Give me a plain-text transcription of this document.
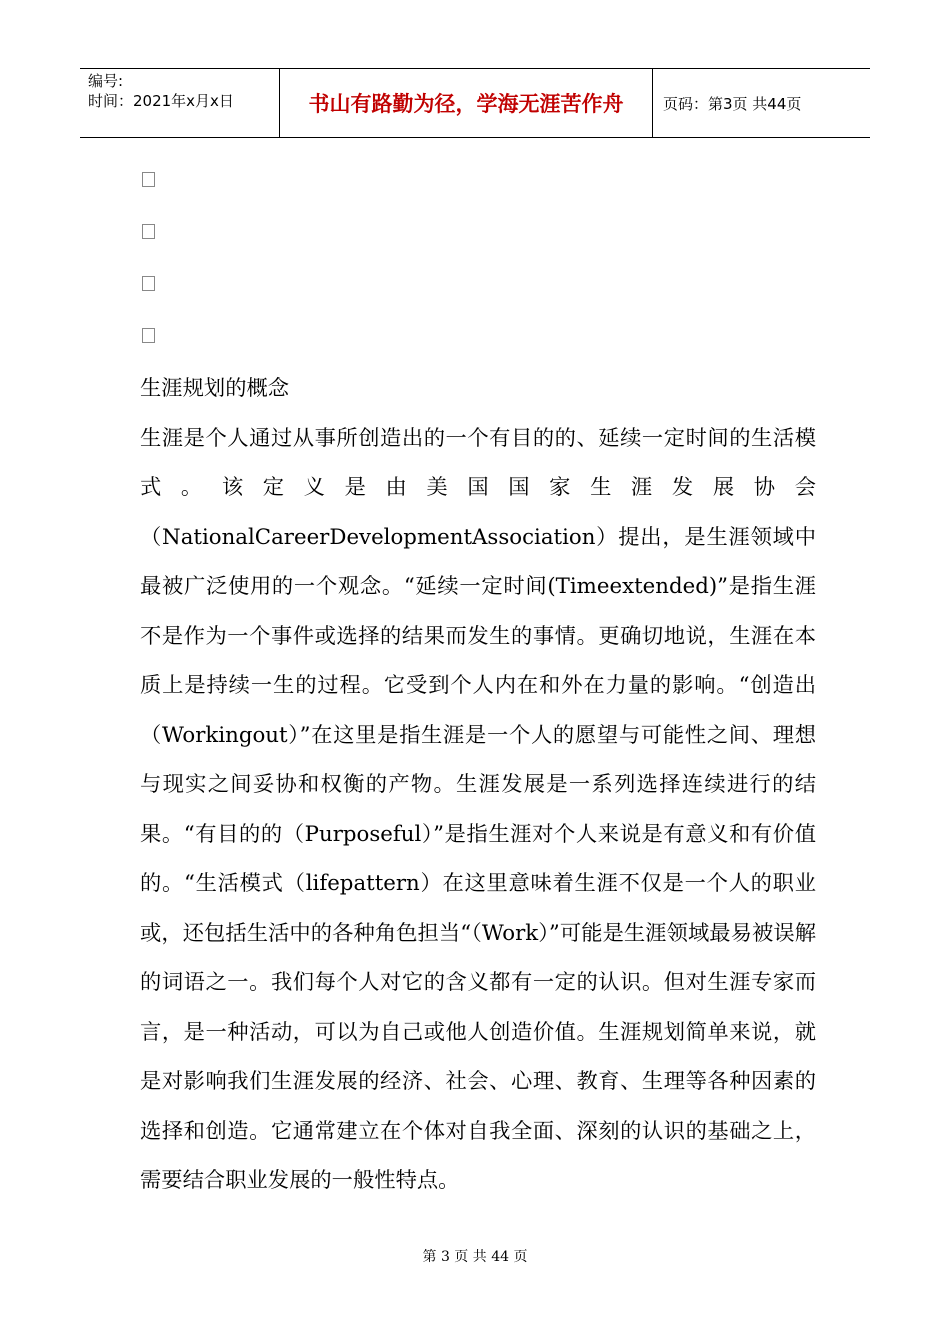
编号:
时间：2021年x月x日	书山有路勤为径，学海无涯苦作舟	页码：第3页 共44页

生涯规划的概念

生涯是个人通过从事所创造出的一个有目的的、延续一定时间的生活模式。该定义是由美国国家生涯发展协会（NationalCareerDevelopmentAssociation）提出，是生涯领域中最被广泛使用的一个观念。“延续一定时间(Timeextended)”是指生涯不是作为一个事件或选择的结果而发生的事情。更确切地说，生涯在本质上是持续一生的过程。它受到个人内在和外在力量的影响。“创造出（Workingout）”在这里是指生涯是一个人的愿望与可能性之间、理想与现实之间妥协和权衡的产物。生涯发展是一系列选择连续进行的结果。“有目的的（Purposeful）”是指生涯对个人来说是有意义和有价值的。“生活模式（lifepattern）在这里意味着生涯不仅是一个人的职业或，还包括生活中的各种角色担当“（Work）”可能是生涯领域最易被误解的词语之一。我们每个人对它的含义都有一定的认识。但对生涯专家而言，是一种活动，可以为自己或他人创造价值。生涯规划简单来说，就是对影响我们生涯发展的经济、社会、心理、教育、生理等各种因素的选择和创造。它通常建立在个体对自我全面、深刻的认识的基础之上，需要结合职业发展的一般性特点。

第 3 页 共 44 页
